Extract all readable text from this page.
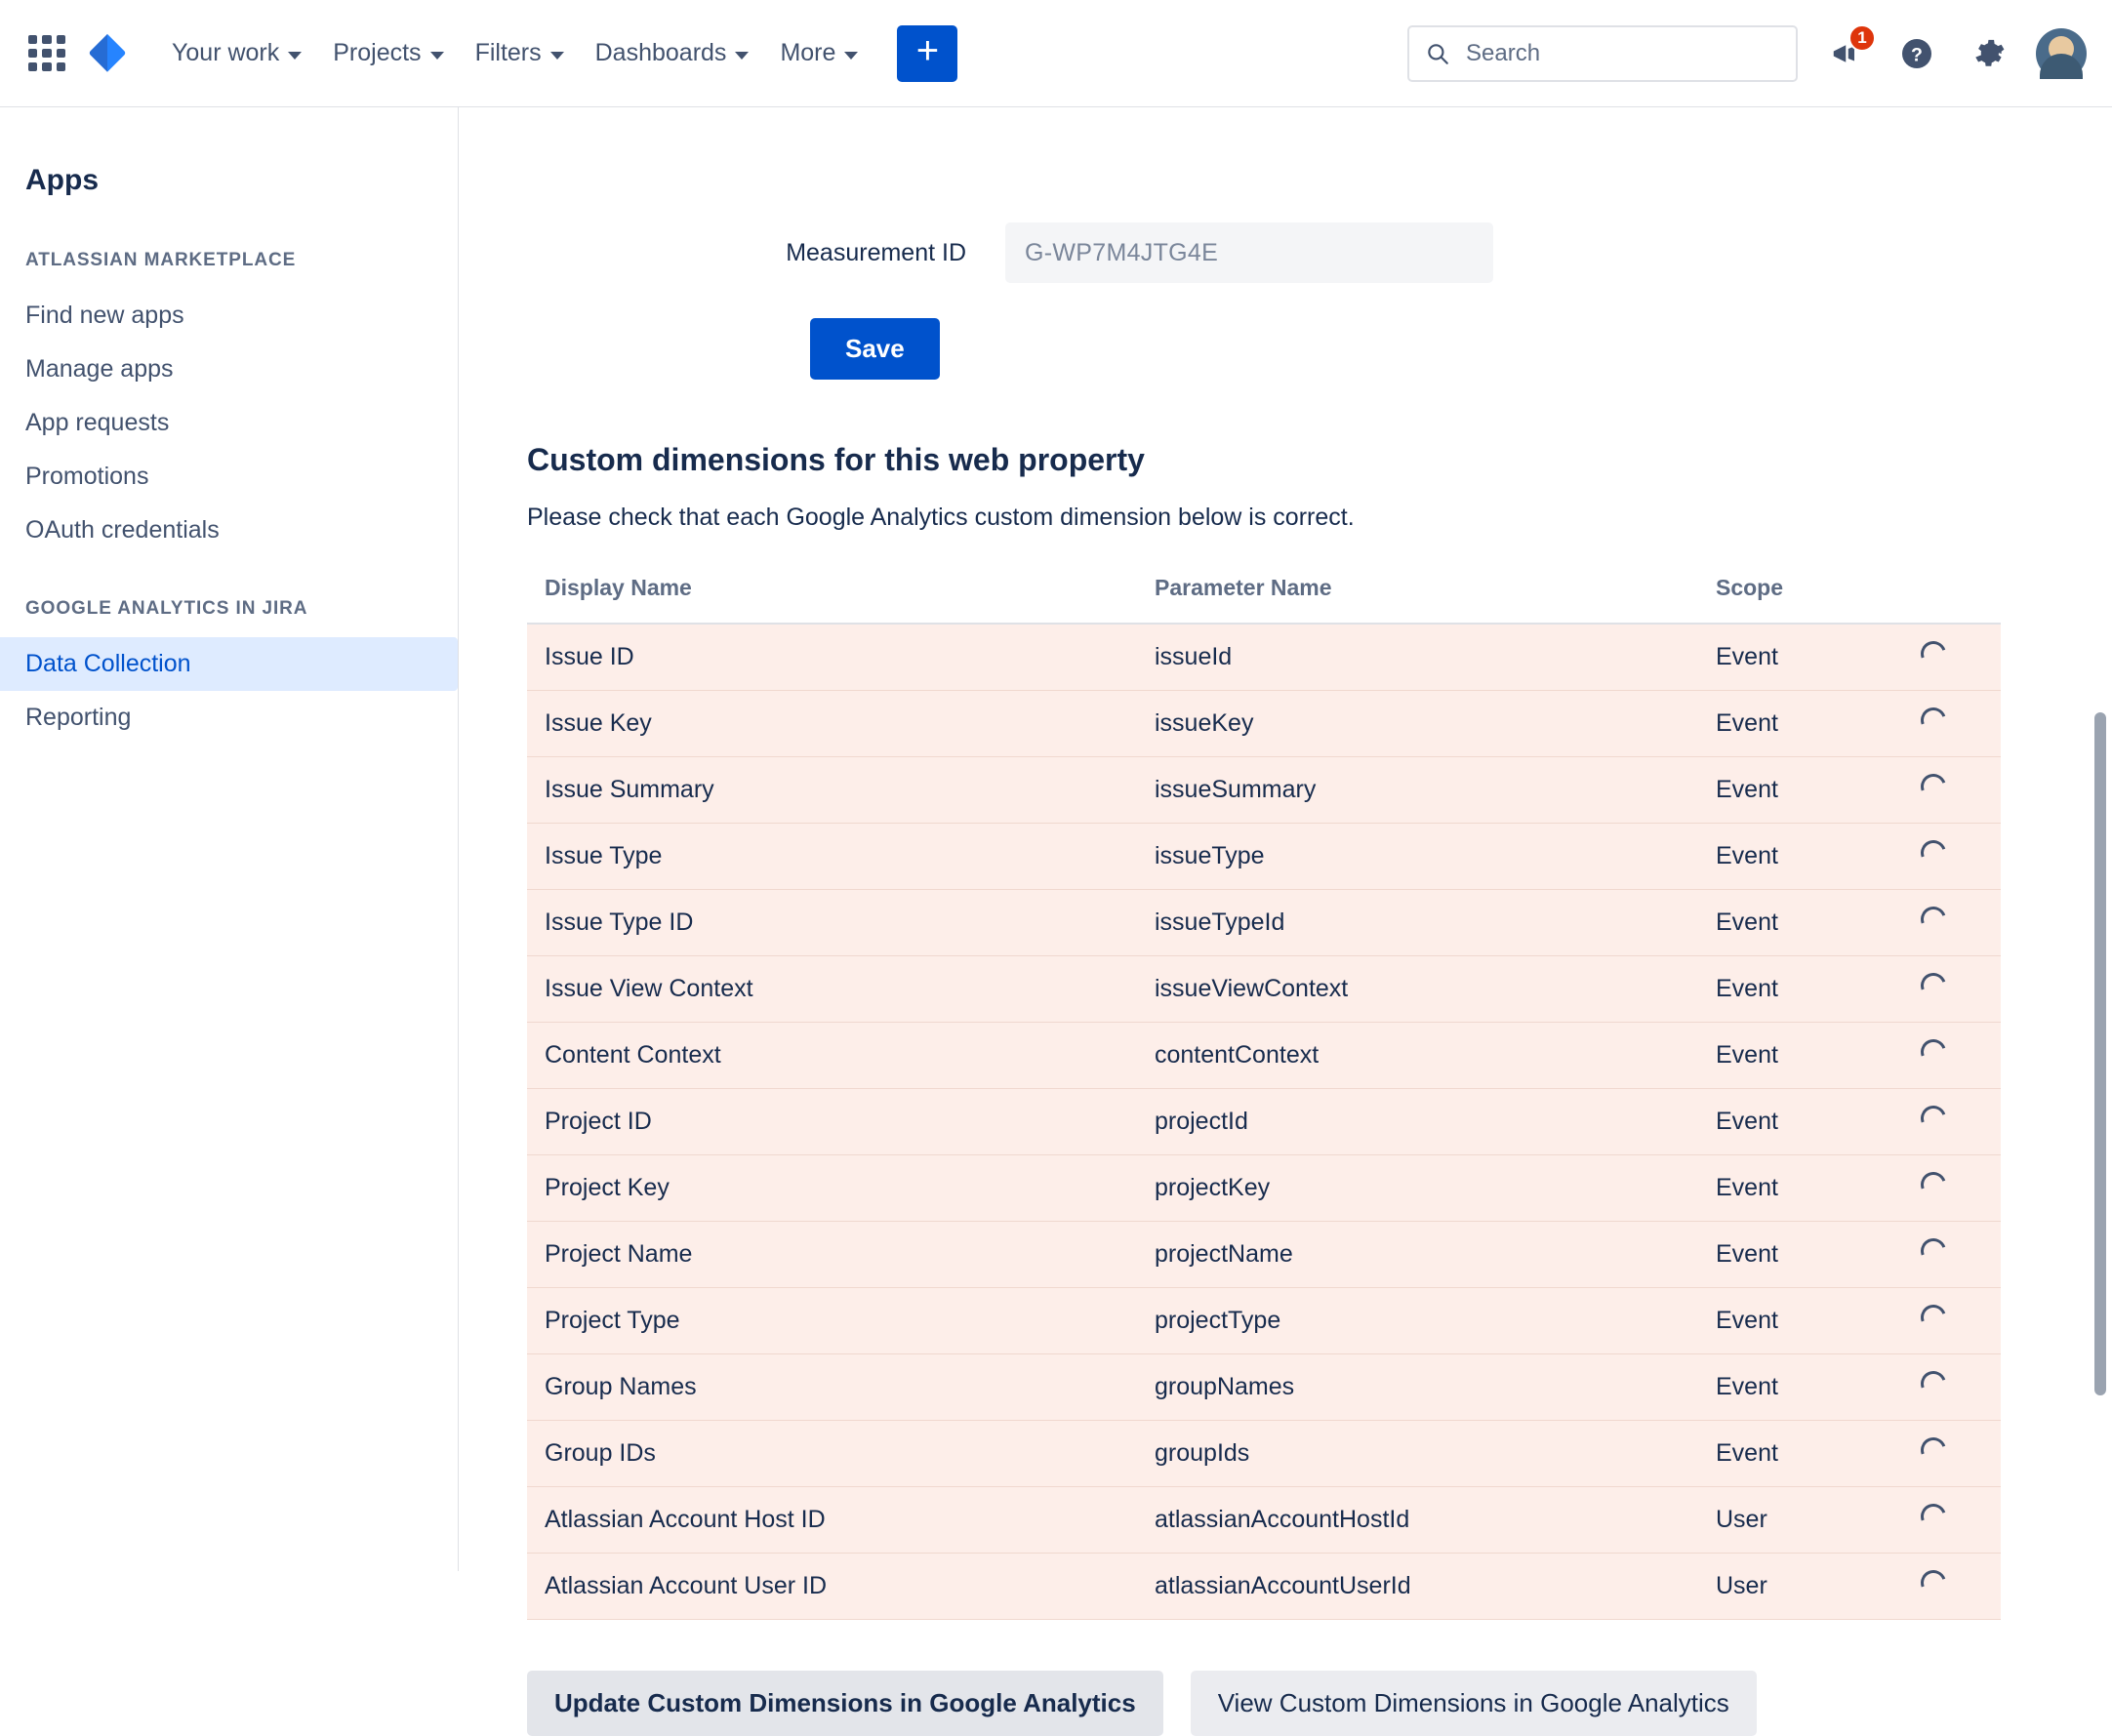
Your work Projects Filters Dashboards More +
Search	1
?
Apps
ATLASSIAN MARKETPLACE
Find new apps
Manage apps
App requests
Promotions
OAuth credentials
GOOGLE ANALYTICS IN JIRA
Data Collection
Reporting
Measurement ID	G-WP7M4JTG4E
Save
Custom dimensions for this web property

Please check that each Google Analytics custom dimension below is correct.

Display Name	Parameter Name	Scope	
Issue ID	issueId	Event	
Issue Key	issueKey	Event	
Issue Summary	issueSummary	Event	
Issue Type	issueType	Event	
Issue Type ID	issueTypeId	Event	
Issue View Context	issueViewContext	Event	
Content Context	contentContext	Event	
Project ID	projectId	Event	
Project Key	projectKey	Event	
Project Name	projectName	Event	
Project Type	projectType	Event	
Group Names	groupNames	Event	
Group IDs	groupIds	Event	
Atlassian Account Host ID	atlassianAccountHostId	User	
Atlassian Account User ID	atlassianAccountUserId	User	
Update Custom Dimensions in Google Analytics	View Custom Dimensions in Google Analytics
